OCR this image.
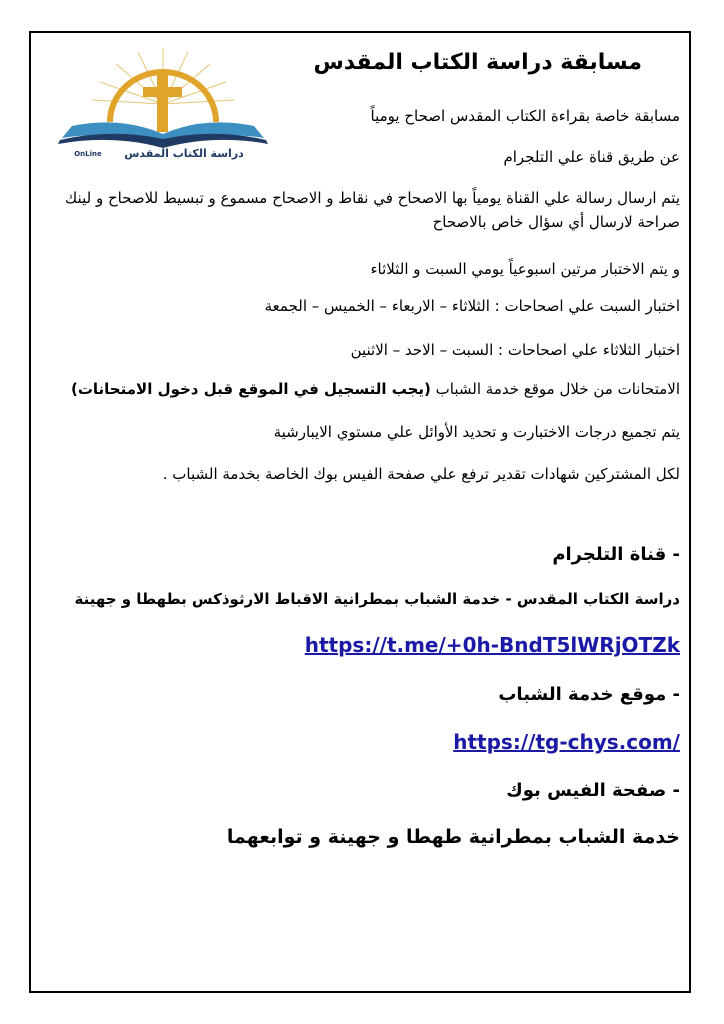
دراسة الكتاب المقدس
OnLine

مسابقة دراسة الكتاب المقدس

مسابقة خاصة بقراءة الكتاب المقدس اصحاح يومياً

عن طريق قناة علي التلجرام

يتم ارسال رسالة علي القناة يومياً بها الاصحاح في نقاط و الاصحاح مسموع و تبسيط للاصحاح و لينك صراحة لارسال أي سؤال خاص بالاصحاح

و يتم الاختبار مرتين اسبوعياً يومي السبت و الثلاثاء

اختبار السبت علي اصحاحات : الثلاثاء – الاربعاء – الخميس – الجمعة

اختبار الثلاثاء علي اصحاحات : السبت – الاحد – الاثنين

الامتحانات من خلال موقع خدمة الشباب (يجب التسجيل في الموقع قبل دخول الامتحانات)

يتم تجميع درجات الاختبارت و تحديد الأوائل علي مستوي الايبارشية

لكل المشتركين شهادات تقدير ترفع علي صفحة الفيس بوك الخاصة بخدمة الشباب .

- قناة التلجرام

دراسة الكتاب المقدس - خدمة الشباب بمطرانية الاقباط الارثوذكس بطهطا و جهينة

https://t.me/+0h-BndT5lWRjOTZk

- موقع خدمة الشباب

https://tg-chys.com/

- صفحة الفيس بوك

خدمة الشباب بمطرانية طهطا و جهينة و توابعهما
